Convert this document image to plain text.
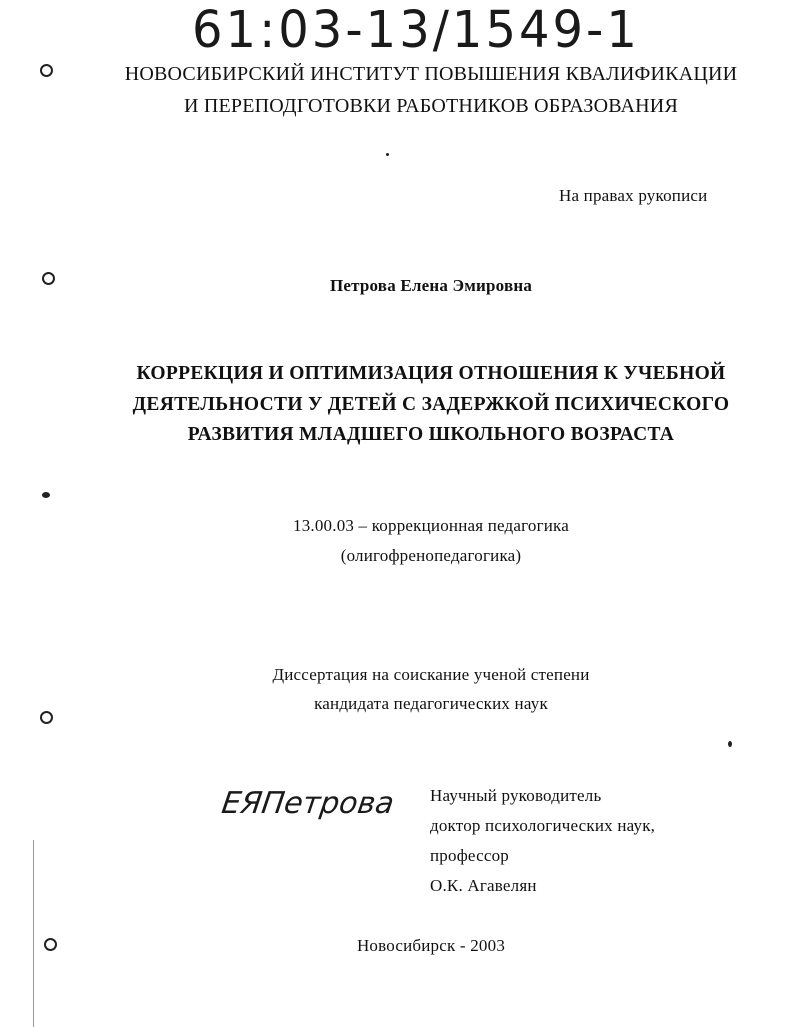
61:03-13/1549-1
НОВОСИБИРСКИЙ ИНСТИТУТ ПОВЫШЕНИЯ КВАЛИФИКАЦИИ
И ПЕРЕПОДГОТОВКИ РАБОТНИКОВ ОБРАЗОВАНИЯ
На правах рукописи
Петрова Елена Эмировна
КОРРЕКЦИЯ И ОПТИМИЗАЦИЯ ОТНОШЕНИЯ К УЧЕБНОЙ
ДЕЯТЕЛЬНОСТИ У ДЕТЕЙ С ЗАДЕРЖКОЙ ПСИХИЧЕСКОГО
РАЗВИТИЯ МЛАДШЕГО ШКОЛЬНОГО ВОЗРАСТА
13.00.03 – коррекционная педагогика
(олигофренопедагогика)
Диссертация на соискание ученой степени
кандидата педагогических наук
ЕЯПетрова Научный руководитель
доктор психологических наук,
профессор
О.К. Агавелян
Новосибирск - 2003
